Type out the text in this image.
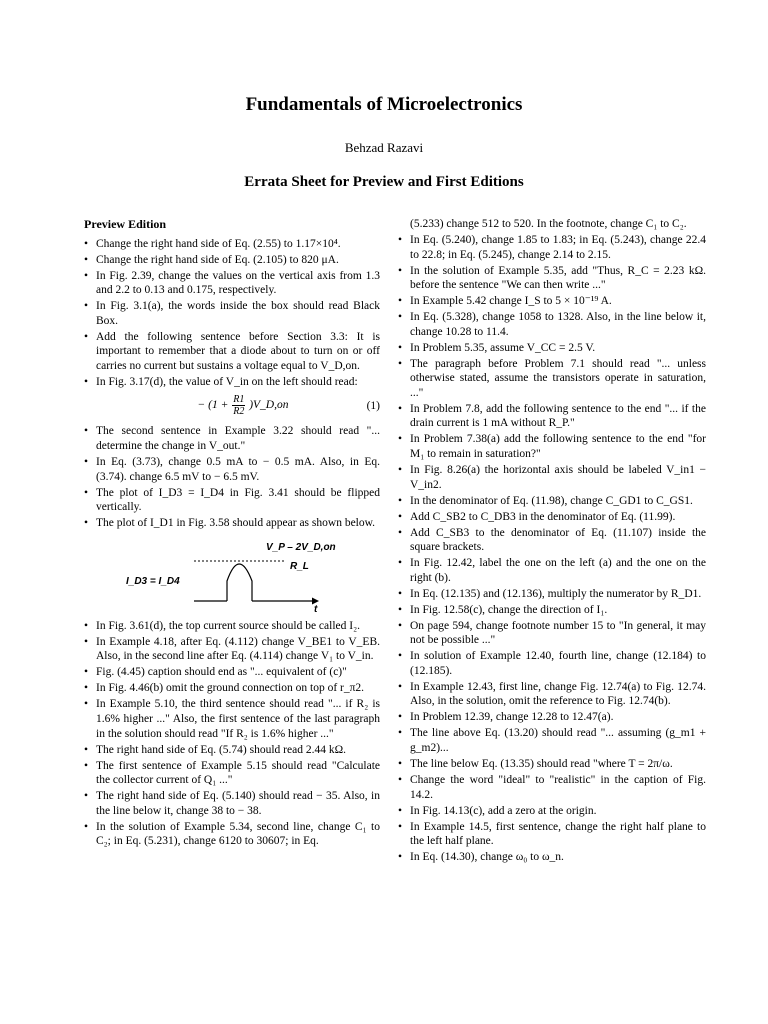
Fundamentals of Microelectronics
Behzad Razavi
Errata Sheet for Preview and First Editions
Preview Edition
• Change the right hand side of Eq. (2.55) to 1.17×10⁴.
• Change the right hand side of Eq. (2.105) to 820 μA.
• In Fig. 2.39, change the values on the vertical axis from 1.3 and 2.2 to 0.13 and 0.175, respectively.
• In Fig. 3.1(a), the words inside the box should read Black Box.
• Add the following sentence before Section 3.3: It is important to remember that a diode about to turn on or off carries no current but sustains a voltage equal to V_D,on.
• In Fig. 3.17(d), the value of V_in on the left should read:
− ($1 + \frac{R1}{R2}$ )V_D,on	(1)
• The second sentence in Example 3.22 should read "... determine the change in V_out."
• In Eq. (3.73), change 0.5 mA to − 0.5 mA. Also, in Eq. (3.74). change 6.5 mV to − 6.5 mV.
• The plot of I_D3 = I_D4 in Fig. 3.41 should be flipped vertically.
• The plot of I_D1 in Fig. 3.58 should appear as shown below.
V_P – 2V_D,on
R_L
I_D3 = I_D4
t
• In Fig. 3.61(d), the top current source should be called I₂.
• In Example 4.18, after Eq. (4.112) change V_BE1 to V_EB. Also, in the second line after Eq. (4.114) change V₁ to V_in.
• Fig. (4.45) caption should end as "... equivalent of (c)"
• In Fig. 4.46(b) omit the ground connection on top of r_π2.
• In Example 5.10, the third sentence should read "... if R₂ is 1.6% higher ..." Also, the first sentence of the last paragraph in the solution should read "If R₂ is 1.6% higher ..."
• The right hand side of Eq. (5.74) should read 2.44 kΩ.
• The first sentence of Example 5.15 should read "Calculate the collector current of Q₁ ..."
• The right hand side of Eq. (5.140) should read − 35. Also, in the line below it, change 38 to − 38.
• In the solution of Example 5.34, second line, change C₁ to C₂; in Eq. (5.231), change 6120 to 30607; in Eq.
(5.233) change 512 to 520. In the footnote, change C₁ to C₂.
• In Eq. (5.240), change 1.85 to 1.83; in Eq. (5.243), change 22.4 to 22.8; in Eq. (5.245), change 2.14 to 2.15.
• In the solution of Example 5.35, add "Thus, R_C = 2.23 kΩ. before the sentence "We can then write ..."
• In Example 5.42 change I_S to 5 × 10⁻¹⁹ A.
• In Eq. (5.328), change 1058 to 1328. Also, in the line below it, change 10.28 to 11.4.
• In Problem 5.35, assume V_CC = 2.5 V.
• The paragraph before Problem 7.1 should read "... unless otherwise stated, assume the transistors operate in saturation, ..."
• In Problem 7.8, add the following sentence to the end "... if the drain current is 1 mA without R_P."
• In Problem 7.38(a) add the following sentence to the end "for M₁ to remain in saturation?"
• In Fig. 8.26(a) the horizontal axis should be labeled V_in1 − V_in2.
• In the denominator of Eq. (11.98), change C_GD1 to C_GS1.
• Add C_SB2 to C_DB3 in the denominator of Eq. (11.99).
• Add C_SB3 to the denominator of Eq. (11.107) inside the square brackets.
• In Fig. 12.42, label the one on the left (a) and the one on the right (b).
• In Eq. (12.135) and (12.136), multiply the numerator by R_D1.
• In Fig. 12.58(c), change the direction of I₁.
• On page 594, change footnote number 15 to "In general, it may not be possible ..."
• In solution of Example 12.40, fourth line, change (12.184) to (12.185).
• In Example 12.43, first line, change Fig. 12.74(a) to Fig. 12.74. Also, in the solution, omit the reference to Fig. 12.74(b).
• In Problem 12.39, change 12.28 to 12.47(a).
• The line above Eq. (13.20) should read "... assuming (g_m1 + g_m2)...
• The line below Eq. (13.35) should read "where T = 2π/ω.
• Change the word "ideal" to "realistic" in the caption of Fig. 14.2.
• In Fig. 14.13(c), add a zero at the origin.
• In Example 14.5, first sentence, change the right half plane to the left half plane.
• In Eq. (14.30), change ω₀ to ω_n.
